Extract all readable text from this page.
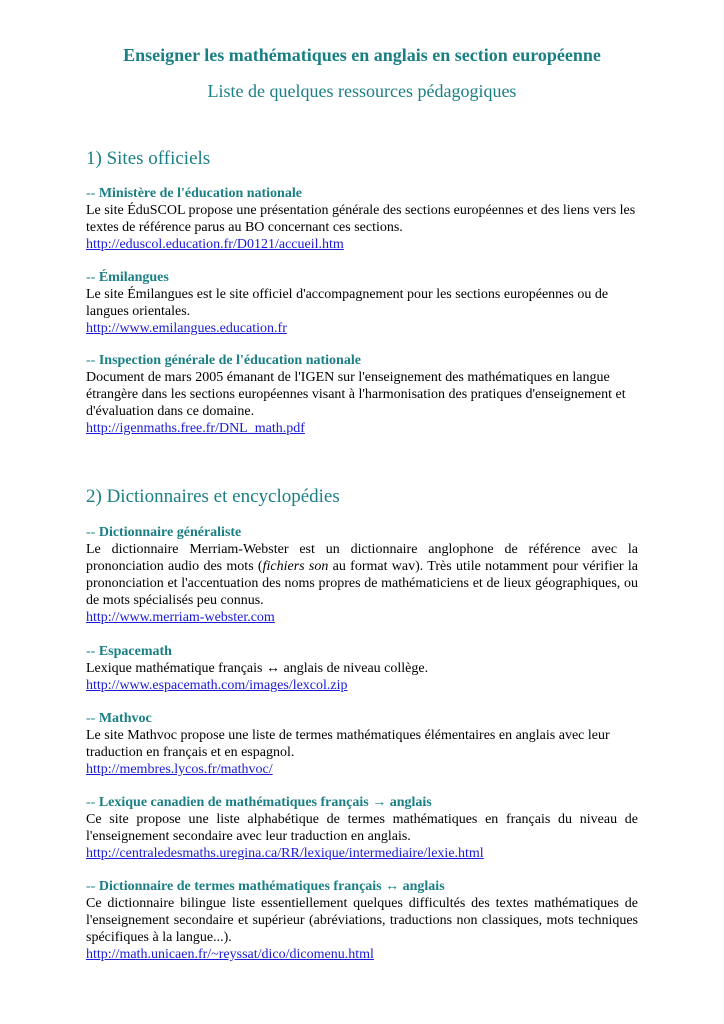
Enseigner les mathématiques en anglais en section européenne
Liste de quelques ressources pédagogiques
1) Sites officiels
-- Ministère de l'éducation nationale
Le site ÉduSCOL propose une présentation générale des sections européennes et des liens vers les textes de référence parus au BO concernant ces sections.
http://eduscol.education.fr/D0121/accueil.htm
-- Émilangues
Le site Émilangues est le site officiel d'accompagnement pour les sections européennes ou de langues orientales.
http://www.emilangues.education.fr
-- Inspection générale de l'éducation nationale
Document de mars 2005 émanant de l'IGEN sur l'enseignement des mathématiques en langue étrangère dans les sections européennes visant à l'harmonisation des pratiques d'enseignement et d'évaluation dans ce domaine.
http://igenmaths.free.fr/DNL_math.pdf
2) Dictionnaires et encyclopédies
-- Dictionnaire généraliste
Le dictionnaire Merriam-Webster est un dictionnaire anglophone de référence avec la prononciation audio des mots (fichiers son au format wav). Très utile notamment pour vérifier la prononciation et l'accentuation des noms propres de mathématiciens et de lieux géographiques, ou de mots spécialisés peu connus.
http://www.merriam-webster.com
-- Espacemath
Lexique mathématique français ↔ anglais de niveau collège.
http://www.espacemath.com/images/lexcol.zip
-- Mathvoc
Le site Mathvoc propose une liste de termes mathématiques élémentaires en anglais avec leur traduction en français et en espagnol.
http://membres.lycos.fr/mathvoc/
-- Lexique canadien de mathématiques français → anglais
Ce site propose une liste alphabétique de termes mathématiques en français du niveau de l'enseignement secondaire avec leur traduction en anglais.
http://centraledesmaths.uregina.ca/RR/lexique/intermediaire/lexie.html
-- Dictionnaire de termes mathématiques français ↔ anglais
Ce dictionnaire bilingue liste essentiellement quelques difficultés des textes mathématiques de l'enseignement secondaire et supérieur (abréviations, traductions non classiques, mots techniques spécifiques à la langue...).
http://math.unicaen.fr/~reyssat/dico/dicomenu.html
